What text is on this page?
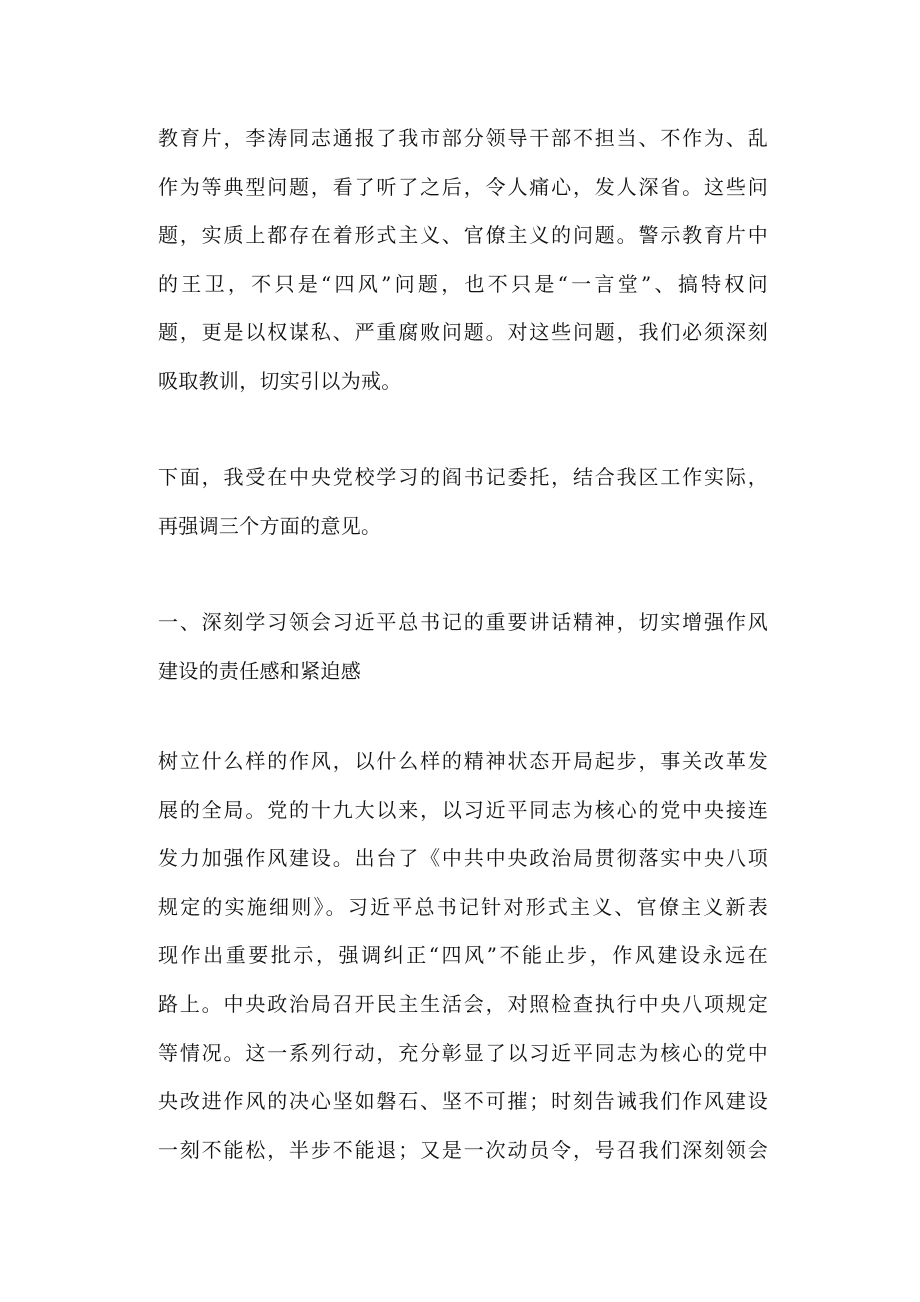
教育片，李涛同志通报了我市部分领导干部不担当、不作为、乱
作为等典型问题，看了听了之后，令人痛心，发人深省。这些问
题，实质上都存在着形式主义、官僚主义的问题。警示教育片中
的王卫，不只是“四风”问题，也不只是“一言堂”、搞特权问
题，更是以权谋私、严重腐败问题。对这些问题，我们必须深刻
吸取教训，切实引以为戒。
下面，我受在中央党校学习的阎书记委托，结合我区工作实际，
再强调三个方面的意见。
一、深刻学习领会习近平总书记的重要讲话精神，切实增强作风
建设的责任感和紧迫感
树立什么样的作风，以什么样的精神状态开局起步，事关改革发
展的全局。党的十九大以来，以习近平同志为核心的党中央接连
发力加强作风建设。出台了《中共中央政治局贯彻落实中央八项
规定的实施细则》。习近平总书记针对形式主义、官僚主义新表
现作出重要批示，强调纠正“四风”不能止步，作风建设永远在
路上。中央政治局召开民主生活会，对照检查执行中央八项规定
等情况。这一系列行动，充分彰显了以习近平同志为核心的党中
央改进作风的决心坚如磐石、坚不可摧；时刻告诫我们作风建设
一刻不能松，半步不能退；又是一次动员令，号召我们深刻领会
